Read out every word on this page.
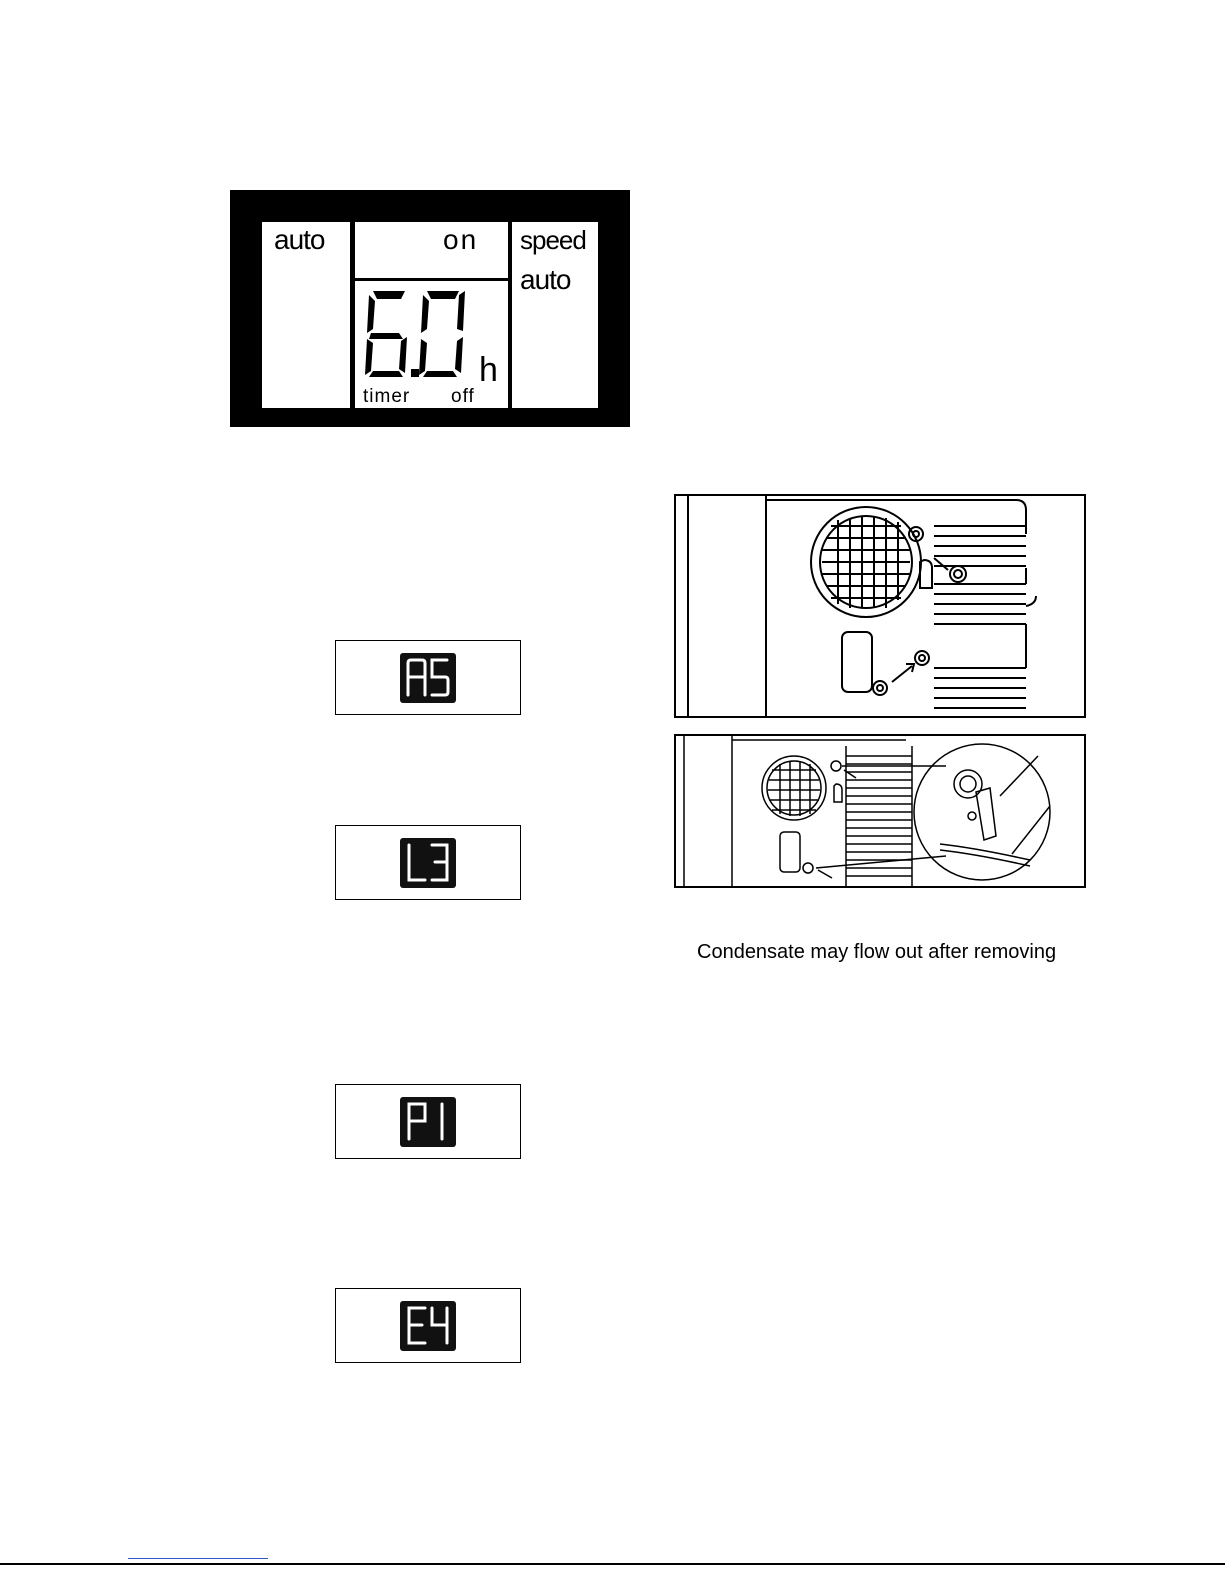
auto	on
h
timer off
speed
auto
Condensate may flow out after removing
